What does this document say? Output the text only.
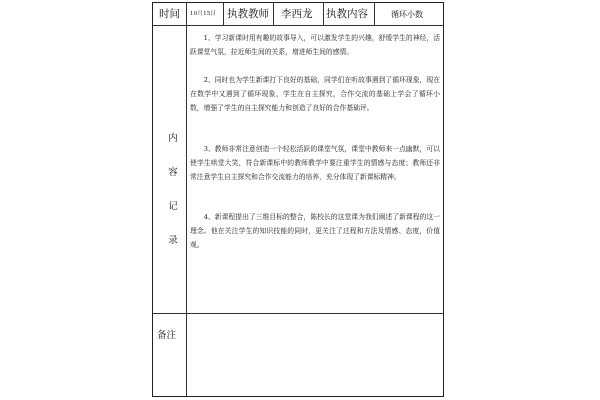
时间 10月15日 执教教师 李西龙 执教内容	循环小数
内
容
记
录
1、学习新课时用有趣的故事导入，可以激发学生的兴趣，舒缓学生的神经，活跃课堂气氛，拉近师生间的关系，增进师生间的感情。
2、同时也为学生新课打下良好的基础，同学们在听故事遇到了循环现象，现在在数学中又遇到了循环现象，学生在自主探究，合作交流的基础上学会了循环小数，增强了学生的自主探究能力和创造了良好的合作基础评。
3、教师非常注意创造一个轻松活跃的课堂气氛，课堂中教师来一点幽默，可以使学生哄堂大笑，符合新课标中的教师教学中要注重学生的情感与态度；教师还非常注意学生自主探究和合作交流能力的培养，充分体现了新课标精神。
4、新课程提出了三维目标的整合，陈校长的这堂课为我们阐述了新课程的这一理念。他在关注学生的知识技能的同时，更关注了过程和方法及情感、态度，价值观。
备注
